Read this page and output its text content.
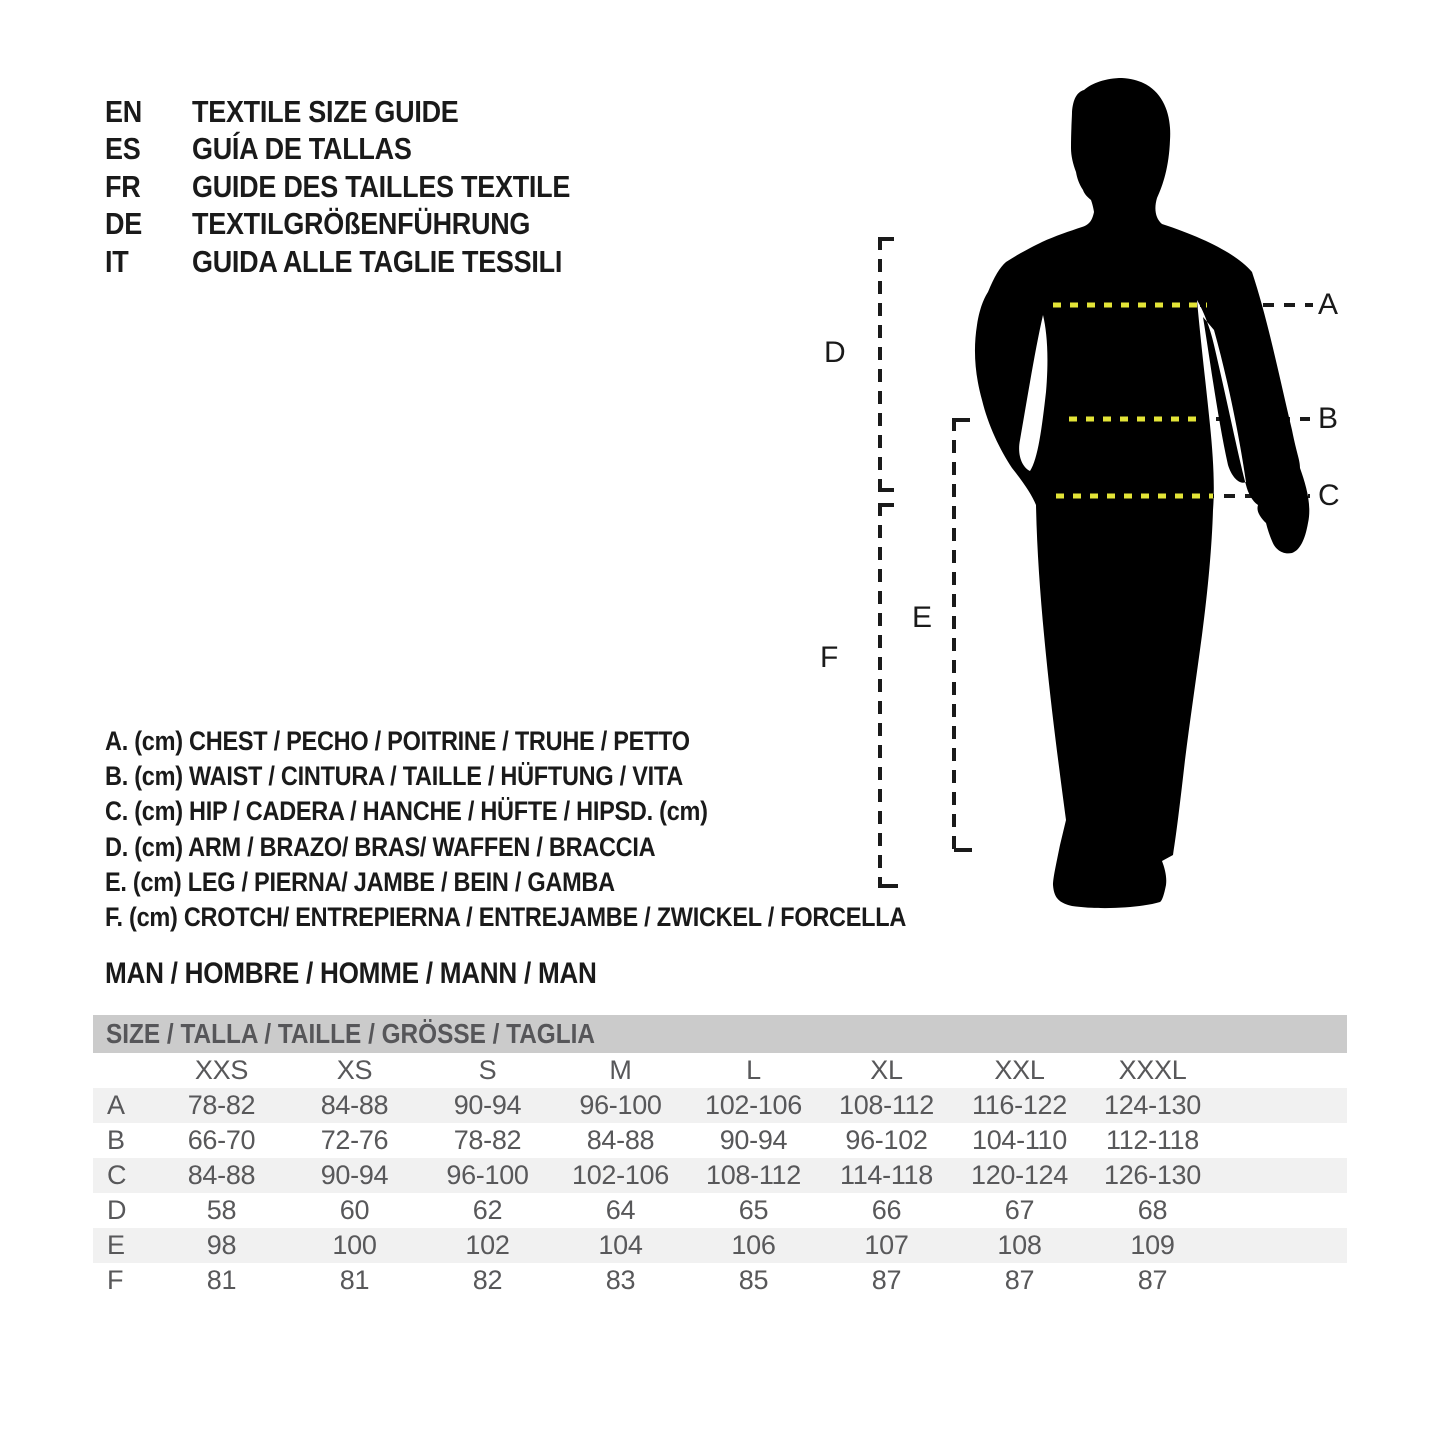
EN	TEXTILE SIZE GUIDE
ES	GUÍA DE TALLAS
FR	GUIDE DES TAILLES TEXTILE
DE	TEXTILGRÖßENFÜHRUNG
IT	GUIDA ALLE TAGLIE TESSILI
A
B
C
D
E
F
A. (cm) CHEST / PECHO / POITRINE / TRUHE / PETTO
B. (cm) WAIST / CINTURA / TAILLE / HÜFTUNG / VITA
C. (cm) HIP / CADERA / HANCHE / HÜFTE / HIPSD. (cm)
D. (cm) ARM / BRAZO/ BRAS/ WAFFEN / BRACCIA
E. (cm) LEG / PIERNA/ JAMBE / BEIN / GAMBA
F. (cm) CROTCH/ ENTREPIERNA / ENTREJAMBE / ZWICKEL / FORCELLA
MAN / HOMBRE / HOMME / MANN / MAN
SIZE / TALLA / TAILLE / GRÖSSE / TAGLIA
	XXS	XS	S	M	L	XL	XXL	XXXL	
A	78-82	84-88	90-94	96-100	102-106	108-112	116-122	124-130	
B	66-70	72-76	78-82	84-88	90-94	96-102	104-110	112-118	
C	84-88	90-94	96-100	102-106	108-112	114-118	120-124	126-130	
D	58	60	62	64	65	66	67	68	
E	98	100	102	104	106	107	108	109	
F	81	81	82	83	85	87	87	87	
